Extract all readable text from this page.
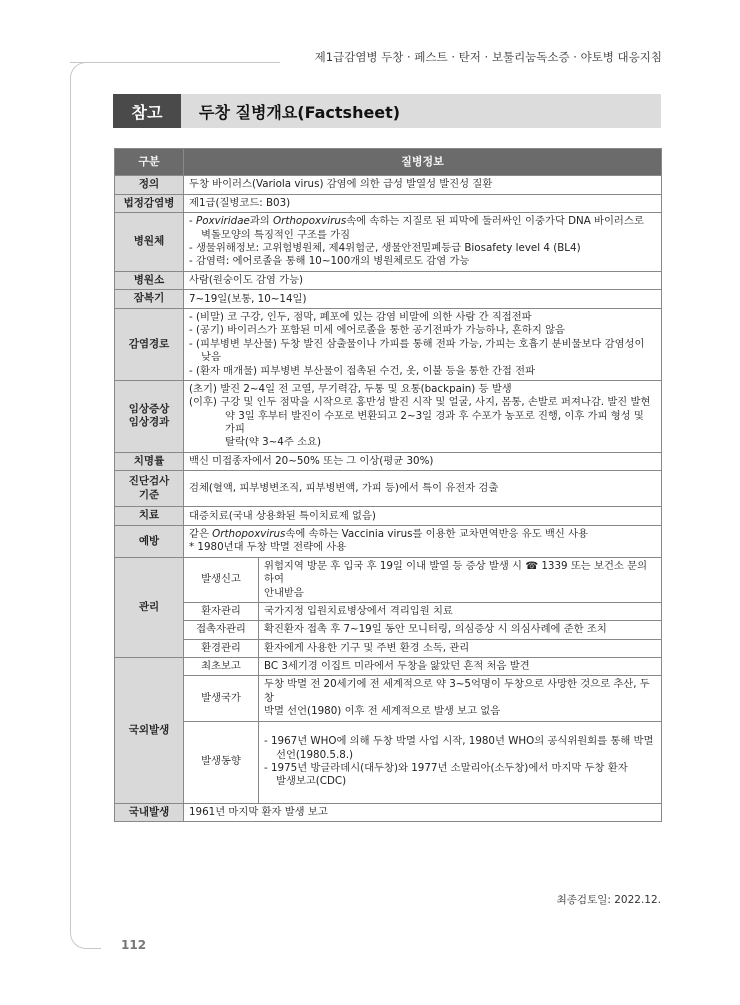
제1급감염병 두창 · 페스트 · 탄저 · 보툴리눔독소증 · 야토병 대응지침
참고	두창 질병개요(Factsheet)
구분	질병정보	
정의	두창 바이러스(Variola virus) 감염에 의한 급성 발열성 발진성 질환	
법정감염병	제1급(질병코드: B03)	
병원체	- Poxviridae과의 Orthopoxvirus속에 속하는 지질로 된 피막에 둘러싸인 이중가닥 DNA 바이러스로
벽돌모양의 특징적인 구조를 가짐
- 생물위해정보: 고위험병원체, 제4위험군, 생물안전밀폐등급 Biosafety level 4 (BL4)
- 감염력: 에어로졸을 통해 10~100개의 병원체로도 감염 가능	

병원소	사람(원숭이도 감염 가능)	
잠복기	7~19일(보통, 10~14일)	
감염경로	- (비말) 코 구강, 인두, 점막, 폐포에 있는 감염 비말에 의한 사람 간 직접전파
- (공기) 바이러스가 포함된 미세 에어로졸을 통한 공기전파가 가능하나, 흔하지 않음
- (피부병변 부산물) 두창 발진 삼출물이나 가피를 통해 전파 가능, 가피는 호흡기 분비물보다 감염성이
낮음
- (환자 매개물) 피부병변 부산물이 접촉된 수건, 옷, 이불 등을 통한 간접 전파	

임상증상
임상경과	(초기) 발진 2~4일 전 고열, 무기력감, 두통 및 요통(backpain) 등 발생
(이후) 구강 및 인두 점막을 시작으로 홍반성 발진 시작 및 얼굴, 사지, 몸통, 손발로 퍼져나감. 발진 발현
약 3일 후부터 발진이 수포로 변환되고 2~3일 경과 후 수포가 농포로 진행, 이후 가피 형성 및 가피
탈락(약 3~4주 소요)	

치명률	백신 미접종자에서 20~50% 또는 그 이상(평균 30%)	

진단검사
기준	검체(혈액, 피부병변조직, 피부병변액, 가피 등)에서 특이 유전자 검출	
치료	대증치료(국내 상용화된 특이치료제 없음)	
예방	같은 Orthopoxvirus속에 속하는 Vaccinia virus를 이용한 교차면역반응 유도 백신 사용
* 1980년대 두창 박멸 전략에 사용	

관리	발생신고	위험지역 방문 후 입국 후 19일 이내 발열 등 증상 발생 시 ☎ 1339 또는 보건소 문의하여
안내받음

	환자관리	국가지정 입원치료병상에서 격리입원 치료
	접촉자관리	확진환자 접촉 후 7~19일 동안 모니터링, 의심증상 시 의심사례에 준한 조치
	환경관리	환자에게 사용한 기구 및 주변 환경 소독, 관리
국외발생	최초보고	BC 3세기경 이집트 미라에서 두창을 앓았던 흔적 처음 발견
	발생국가	두창 박멸 전 20세기에 전 세계적으로 약 3~5억명이 두창으로 사망한 것으로 추산, 두창
박멸 선언(1980) 이후 전 세계적으로 발생 보고 없음

	발생동향	- 1967년 WHO에 의해 두창 박멸 사업 시작, 1980년 WHO의 공식위원회를 통해 박멸
선언(1980.5.8.)
- 1975년 방글라데시(대두창)와 1977년 소말리아(소두창)에서 마지막 두창 환자
발생보고(CDC)

국내발생	1961년 마지막 환자 발생 보고	
최종검토일: 2022.12.
112
